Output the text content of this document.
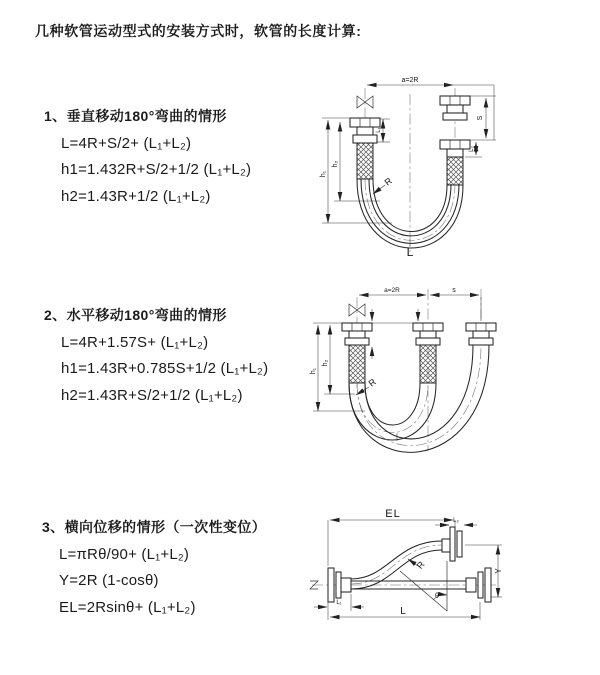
几种软管运动型式的安装方式时，软管的长度计算:
1、垂直移动180°弯曲的情形
L=4R+S/2+ (L₁+L₂)
h1=1.432R+S/2+1/2 (L₁+L₂)
h2=1.43R+1/2 (L₁+L₂)
2、水平移动180°弯曲的情形
L=4R+1.57S+ (L₁+L₂)
h1=1.43R+0.785S+1/2 (L₁+L₂)
h2=1.43R+S/2+1/2 (L₁+L₂)
3、横向位移的情形（一次性变位）
L=πRθ/90+ (L₁+L₂)
Y=2R (1-cosθ)
EL=2Rsinθ+ (L₁+L₂)
a=2R
h₁
h₂
L₁
S
L₂
R
L
a=2R	s
h₁
h₂
R
EL
L₂
Y
R
θ
L
L₁
